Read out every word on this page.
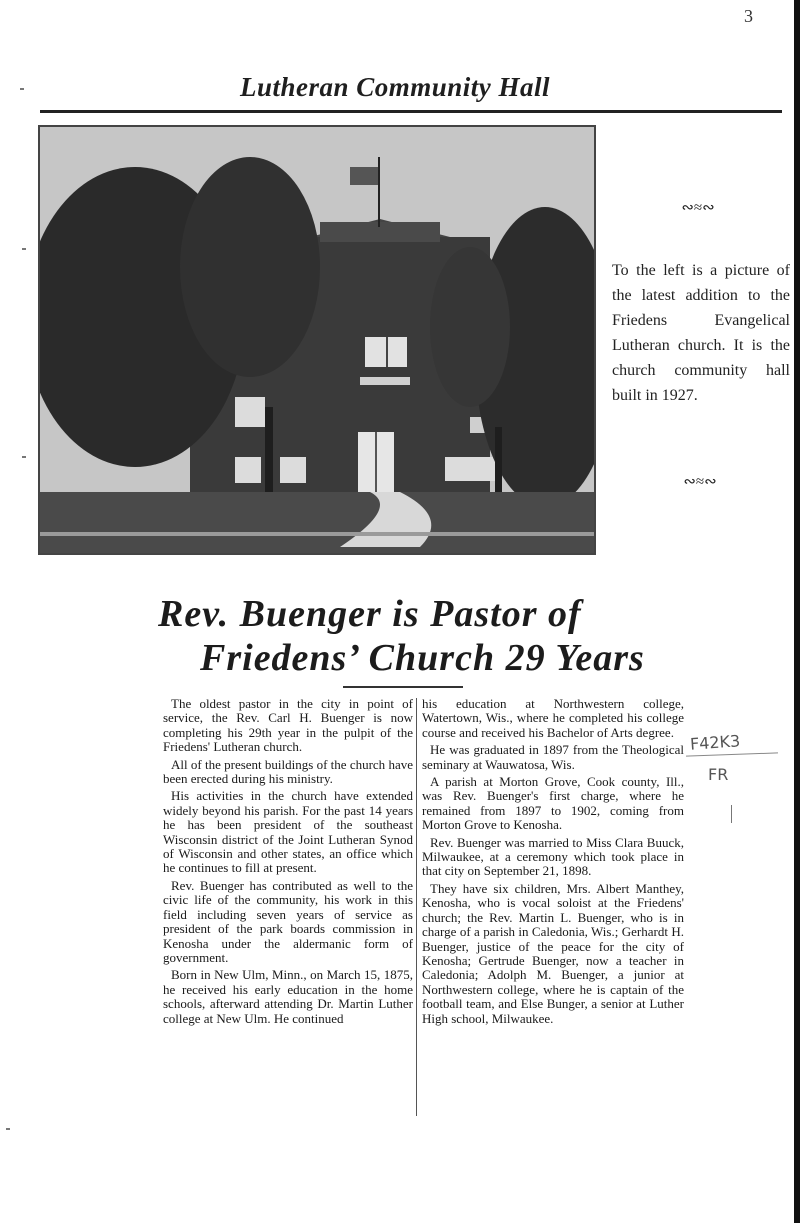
3
Lutheran Community Hall
∾≈∾
To the left is a picture of the latest addition to the Friedens Evangelical Lutheran church. It is the church community hall built in 1927.
∾≈∾
Rev. Buenger is Pastor of
Friedens’ Church 29 Years

The oldest pastor in the city in point of service, the Rev. Carl H. Buenger is now completing his 29th year in the pulpit of the Friedens' Lutheran church.

All of the present buildings of the church have been erected during his ministry.

His activities in the church have extended widely beyond his parish. For the past 14 years he has been president of the southeast Wisconsin district of the Joint Lutheran Synod of Wisconsin and other states, an office which he continues to fill at present.

Rev. Buenger has contributed as well to the civic life of the community, his work in this field including seven years of service as president of the park boards commission in Kenosha under the aldermanic form of government.

Born in New Ulm, Minn., on March 15, 1875, he received his early education in the home schools, afterward attending Dr. Martin Luther college at New Ulm. He continued

his education at Northwestern college, Watertown, Wis., where he completed his college course and received his Bachelor of Arts degree.

He was graduated in 1897 from the Theological seminary at Wauwatosa, Wis.

A parish at Morton Grove, Cook county, Ill., was Rev. Buenger's first charge, where he remained from 1897 to 1902, coming from Morton Grove to Kenosha.

Rev. Buenger was married to Miss Clara Buuck, Milwaukee, at a ceremony which took place in that city on September 21, 1898.

They have six children, Mrs. Albert Manthey, Kenosha, who is vocal soloist at the Friedens' church; the Rev. Martin L. Buenger, who is in charge of a parish in Caledonia, Wis.; Gerhardt H. Buenger, justice of the peace for the city of Kenosha; Gertrude Buenger, now a teacher in Caledonia; Adolph M. Buenger, a junior at Northwestern college, where he is captain of the football team, and Else Bunger, a senior at Luther High school, Milwaukee.

F42K3
FR
